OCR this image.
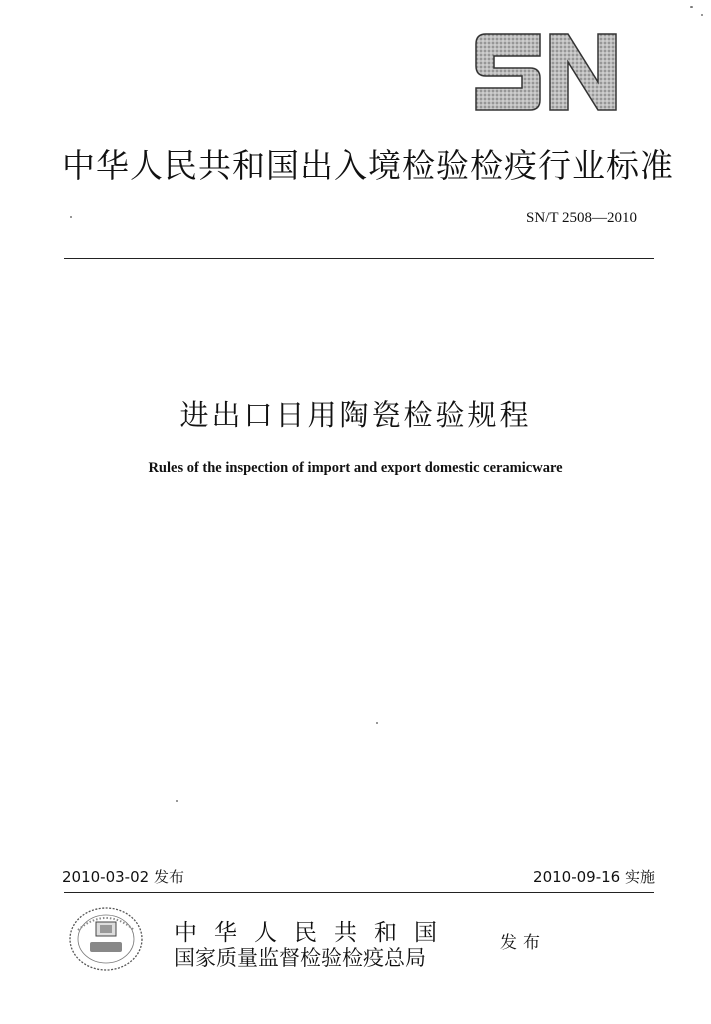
中华人民共和国出入境检验检疫行业标准
SN/T 2508—2010
进出口日用陶瓷检验规程
Rules of the inspection of import and export domestic ceramicware
2010-03-02 发布	2010-09-16 实施
中华人民共和国
国家质量监督检验检疫总局
发布
